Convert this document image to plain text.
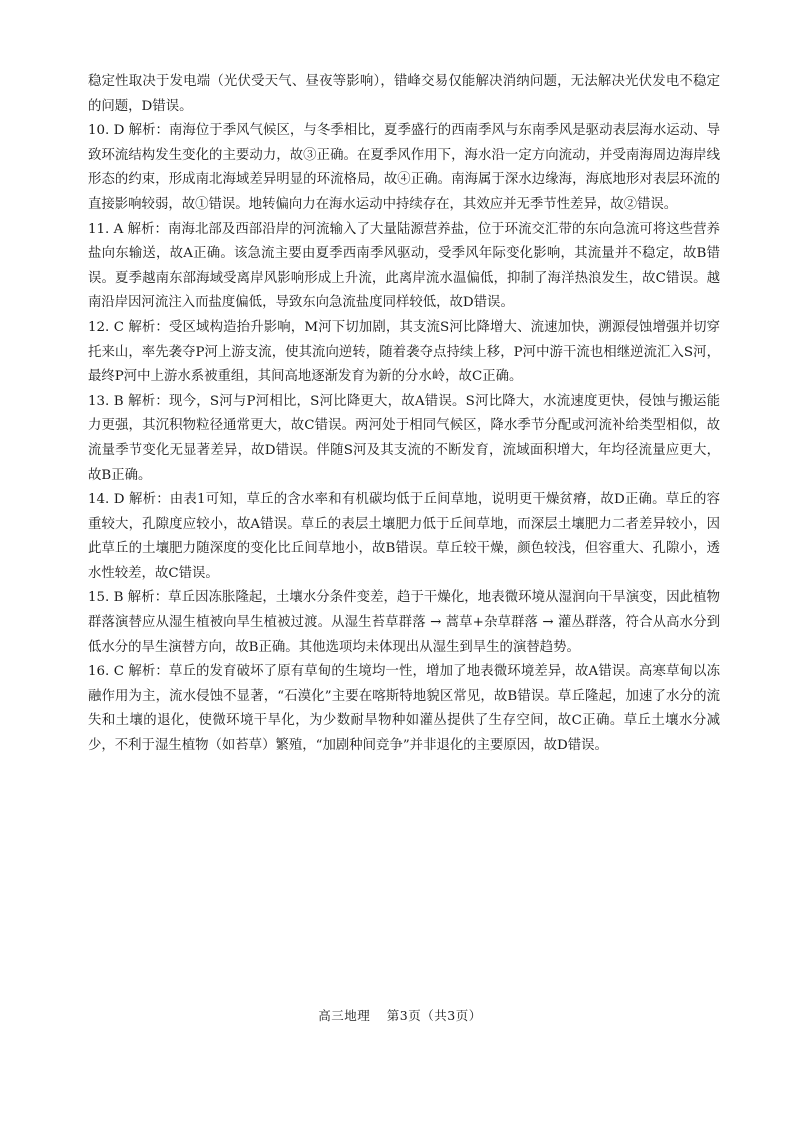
稳定性取决于发电端（光伏受天气、昼夜等影响），错峰交易仅能解决消纳问题，无法解决光伏发电不稳定的问题，D错误。

10. D 解析：南海位于季风气候区，与冬季相比，夏季盛行的西南季风与东南季风是驱动表层海水运动、导致环流结构发生变化的主要动力，故③正确。在夏季风作用下，海水沿一定方向流动，并受南海周边海岸线形态的约束，形成南北海域差异明显的环流格局，故④正确。南海属于深水边缘海，海底地形对表层环流的直接影响较弱，故①错误。地转偏向力在海水运动中持续存在，其效应并无季节性差异，故②错误。

11. A 解析：南海北部及西部沿岸的河流输入了大量陆源营养盐，位于环流交汇带的东向急流可将这些营养盐向东输送，故A正确。该急流主要由夏季西南季风驱动，受季风年际变化影响，其流量并不稳定，故B错误。夏季越南东部海域受离岸风影响形成上升流，此离岸流水温偏低，抑制了海洋热浪发生，故C错误。越南沿岸因河流注入而盐度偏低，导致东向急流盐度同样较低，故D错误。

12. C 解析：受区域构造抬升影响，M河下切加剧，其支流S河比降增大、流速加快，溯源侵蚀增强并切穿托来山，率先袭夺P河上游支流，使其流向逆转，随着袭夺点持续上移，P河中游干流也相继逆流汇入S河，最终P河中上游水系被重组，其间高地逐渐发育为新的分水岭，故C正确。

13. B 解析：现今，S河与P河相比，S河比降更大，故A错误。S河比降大，水流速度更快，侵蚀与搬运能力更强，其沉积物粒径通常更大，故C错误。两河处于相同气候区，降水季节分配或河流补给类型相似，故流量季节变化无显著差异，故D错误。伴随S河及其支流的不断发育，流域面积增大，年均径流量应更大，故B正确。

14. D 解析：由表1可知，草丘的含水率和有机碳均低于丘间草地，说明更干燥贫瘠，故D正确。草丘的容重较大，孔隙度应较小，故A错误。草丘的表层土壤肥力低于丘间草地，而深层土壤肥力二者差异较小，因此草丘的土壤肥力随深度的变化比丘间草地小，故B错误。草丘较干燥，颜色较浅，但容重大、孔隙小，透水性较差，故C错误。

15. B 解析：草丘因冻胀隆起，土壤水分条件变差，趋于干燥化，地表微环境从湿润向干旱演变，因此植物群落演替应从湿生植被向旱生植被过渡。从湿生苔草群落 → 蒿草+杂草群落 → 灌丛群落，符合从高水分到低水分的旱生演替方向，故B正确。其他选项均未体现出从湿生到旱生的演替趋势。

16. C 解析：草丘的发育破坏了原有草甸的生境均一性，增加了地表微环境差异，故A错误。高寒草甸以冻融作用为主，流水侵蚀不显著，“石漠化”主要在喀斯特地貌区常见，故B错误。草丘隆起，加速了水分的流失和土壤的退化，使微环境干旱化，为少数耐旱物种如灌丛提供了生存空间，故C正确。草丘土壤水分减少，不利于湿生植物（如苔草）繁殖，“加剧种间竞争”并非退化的主要原因，故D错误。

高三地理 第3页（共3页）
